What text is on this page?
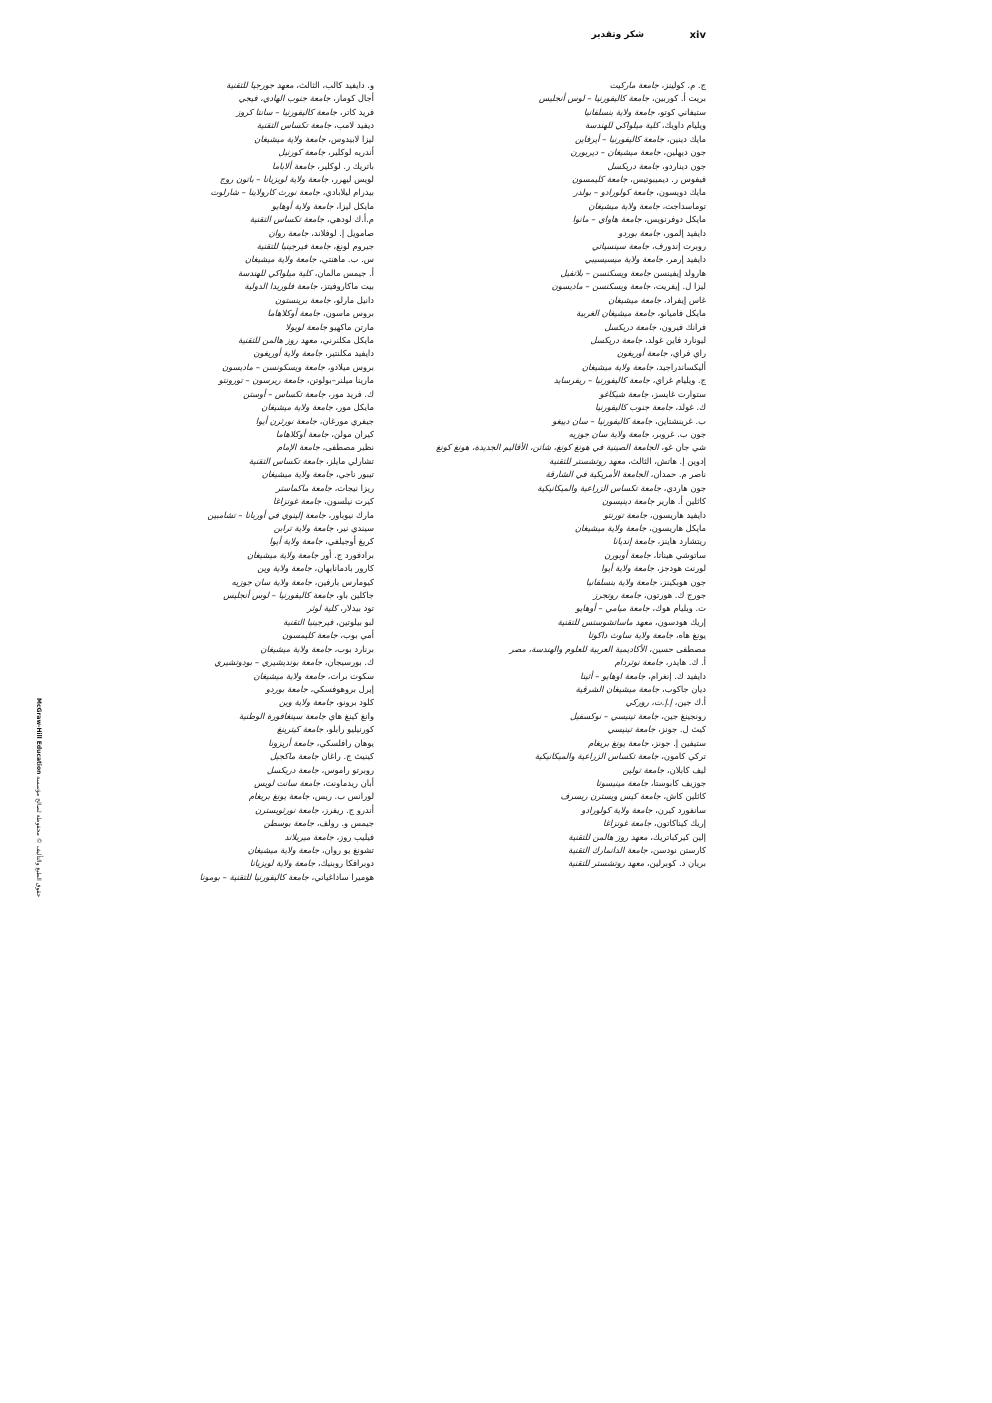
xiv
شكر وتقدير
ج. م. كولينز، جامعة ماركيت
بريت أ. كوربين، جامعة كاليفورنيا – لوس أنجليس
ستيفاني كوتو، جامعة ولاية بنسلفانيا
ويليام داويك، كلية ميلواكي للهندسة
مايك دينين، جامعة كاليفورنيا – أيرفاين
جون ديهلين، جامعة ميشيغان – ديربورن
جون ديناردو، جامعة دريكسل
فيفوس ر. ديميبوتيس، جامعة كليمسون
مايك دويسون، جامعة كولورادو – بولدر
توماسداجت، جامعة ولاية ميشيغان
مايكل دوفرنويس، جامعة هاواي – مانوا
دايفيد إلمور، جامعة بوردو
روبرت إندورف، جامعة سينسياتي
دايفيد إرمر، جامعة ولاية ميسيسيبي
هارولد إيفينسن جامعة ويسكنسن – بلاتفيل
ليزا ل. إيفريت، جامعة ويسكنسن – ماديسون
غاس إيفراد، جامعة ميشيغان
مايكل فاميانو، جامعة ميشيغان الغربية
فرانك فيرون، جامعة دريكسل
ليونارد فاين غولد، جامعة دريكسل
راي فراي، جامعة أوريغون
أليكساندراجيد، جامعة ولاية ميشيغان
ج. ويليام غراي، جامعة كاليفورنيا – ريفرسايد
ستوارت غايسز، جامعة شيكاغو
ك. غولد، جامعة جنوب كاليفورنيا
ب. غرينشتاين، جامعة كاليفورنيا – سان دييغو
جون ب. غروبر، جامعة ولاية سان جوزيه
شي جان غو، الجامعة الصينية في هونغ كونغ، شاتن، الأقاليم الجديدة، هونغ كونغ
إدوين إ. هاتش، الثالث، معهد روتشستر للتقنية
ناصر م. حمدان، الجامعة الأمريكية في الشارقة
جون هاردي، جامعة تكساس الزراعية والميكانيكية
كاثلين أ. هارير جامعة دينيسون
دايفيد هاريسون، جامعة تورنتو
مايكل هاريسون، جامعة ولاية ميشيغان
ريتشارد هاينز، جامعة إنديانا
ساتوشي هيناتا، جامعة أوبورن
لورنت هودجز، جامعة ولاية أيوا
جون هوبكينز، جامعة ولاية بنسلفانيا
جورج ك. هورتون، جامعة روتجرز
ت. ويليام هوك، جامعة ميامي – أوهايو
إريك هودسون، معهد ماساتشوستس للتقنية
يونغ هاه، جامعة ولاية ساوث داكوتا
مصطفى حسين، الأكاديمية العربية للعلوم والهندسة، مصر
أ. ك. هايدر، جامعة نوتردام
دايفيد ك. إنغرام، جامعة اوهايو – أثينا
ديان جاكوب، جامعة ميشيغان الشرقية
أ.ك جين، إ.إ.ت، روركي
رونجينغ جين، جامعة تينيسي – نوكسفيل
كيث ل. جونز، جامعة تينيسي
ستيفين إ. جونز، جامعة يونغ بريغام
تركي كامون، جامعة تكساس الزراعية والميكانيكية
ليف كابلان، جامعة تولين
جوزيف كابوستا، جامعة مينيسوتا
كاثلين كاش، جامعة كيس ويسترن ريسرف
سانفورد كيرن، جامعة ولاية كولورادو
إريك كيناكاتون، جامعة غونزاغا
إلين كيركباتريك، معهد روز هالمن للتقنية
كارستن نودسن، جامعة الدانمارك التقنية
بريان د. كوبرلين، معهد روتشستر للتقنية
و. دايفيد كالب، الثالث، معهد جورجيا للتقنية
أجال كومار، جامعة جنوب الهادي، فيجي
فريد كاتر، جامعة كاليفورنيا – سانتا كروز
ديفيد لامب، جامعة تكساس التقنية
ليزا لابيدوس، جامعة ولاية ميشيغان
أندريه لوكلير، جامعة كورنيل
باتريك ر. لوكلير، جامعة ألاباما
لويس ليهرر، جامعة ولاية لويزيانا – باتون روج
بيدرام ليلابادي، جامعة نورث كارولاينا – شارلوت
مايكل ليزا، جامعة ولاية أوهايو
م.أ.ك لودهي، جامعة تكساس التقنية
صامويل إ. لوفلاند، جامعة روان
جيروم لونغ، جامعة فيرجينيا للتقنية
س. ب. ماهنتي، جامعة ولاية ميشيغان
أ. جيمس مالمان، كلية ميلواكي للهندسة
بيت ماكاروفيتز، جامعة فلوريدا الدولية
دانيل مارلو، جامعة برينستون
بروس ماسون، جامعة أوكلاهاما
مارتن ماكهيو جامعة لويولا
مايكل مكلنرني، معهد روز هالمن للتقنية
دايفيد مكلنتير، جامعة ولاية أوريغون
بروس ميلادو، جامعة ويسكونسن – ماديسون
مارينا ميلنر–بولوتن، جامعة ريرسون – تورونتو
ك. فريد مور، جامعة تكساس – أوستن
مايكل مور، جامعة ولاية ميشيغان
جيفري مورغان، جامعة نورثرن أيوا
كيران مولن، جامعة أوكلاهاما
نظير مصطفى، جامعة الإمام
تشارلي مايلز، جامعة تكساس التقنية
تيبور ناجي، جامعة ولاية ميشيغان
ريزا نيجات، جامعة ماكماستر
كيرت نيلسون، جامعة غونزاغا
مارك نيوباور، جامعة إلينوي في أوربانا – تشامبين
سيندي نير، جامعة ولاية ترابن
كريغ أوجيلفي، جامعة ولاية أيوا
برادفورد ج. أور جامعة ولاية ميشيغان
كارور بادمانابهان، جامعة ولاية وين
كيومارس بارفين، جامعة ولاية سان جوزيه
جاكلين باو، جامعة كاليفورنيا – لوس أنجليس
تود بيدلار، كلية لوثر
لبو بيلوتين، فيرجينيا التقنية
أمي بوب، جامعة كليمسون
برنارد بوب، جامعة ولاية ميشيغان
ك. بورسيجان، جامعة بونديشيري – بودوتشيري
سكوت برات، جامعة ولاية ميشيغان
إيرل بروهوفسكي، جامعة بوردو
كلود برونو، جامعة ولاية وين
وانغ كينغ هاي جامعة سينغافورة الوطنية
كورنيليو رابلو، جامعة كيترينغ
يوهان رافلسكي، جامعة أريزونا
كينيث ج. راغان جامعة ماكجيل
روبرتو راموس، جامعة دريكسل
أبان ريدماونت، جامعة سانت لويس
لورانس ب. ريس، جامعة يونغ بريغام
أندرو ج. ريفرز، جامعة نورثويسترن
جيمس و. رولف، جامعة بوسطن
فيليب روز، جامعة ميريلاند
تشونغ يو روان، جامعة ولاية ميشيغان
دوبرافكا روبنيك، جامعة ولاية لويزيانا
هوميرا ساداغياني، جامعة كاليفورنيا للتقنية – بومونا
McGraw-Hill Education حقوق الطبع والتأليف © محفوظة لصالح مؤسسة
